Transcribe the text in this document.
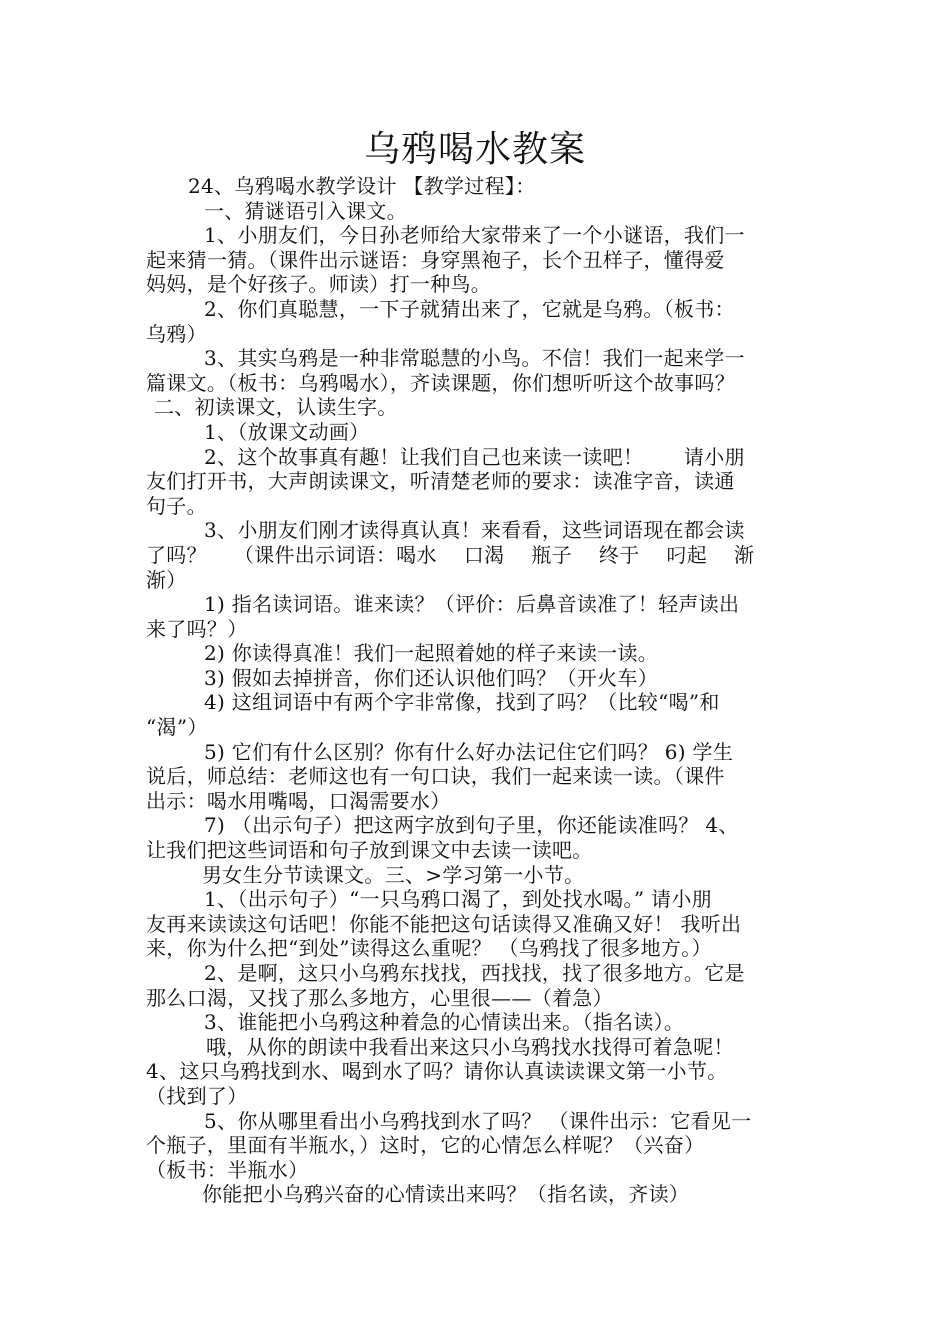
乌鸦喝水教案
24、乌鸦喝水教学设计 【教学过程】：
一、猜谜语引入课文。
1、小朋友们，今日孙老师给大家带来了一个小谜语，我们一
起来猜一猜。（课件出示谜语：身穿黑袍子，长个丑样子，懂得爱
妈妈，是个好孩子。师读）打一种鸟。
2、你们真聪慧，一下子就猜出来了，它就是乌鸦。（板书：
乌鸦）
3、其实乌鸦是一种非常聪慧的小鸟。不信！我们一起来学一
篇课文。（板书：乌鸦喝水），齐读课题，你们想听听这个故事吗？
二、初读课文，认读生字。
1、（放课文动画）
2、这个故事真有趣！让我们自己也来读一读吧！　　请小朋
友们打开书，大声朗读课文，听清楚老师的要求：读准字音，读通
句子。
3、小朋友们刚才读得真认真！来看看，这些词语现在都会读
了吗？　 （课件出示词语：喝水　 口渴　 瓶子　 终于　 叼起　 渐
渐）
1) 指名读词语。谁来读？（评价：后鼻音读准了！轻声读出
来了吗？）
2) 你读得真准！我们一起照着她的样子来读一读。
3) 假如去掉拼音，你们还认识他们吗？（开火车）
4) 这组词语中有两个字非常像，找到了吗？（比较“喝”和
“渴”）
5) 它们有什么区别？你有什么好办法记住它们吗？ 6) 学生
说后，师总结：老师这也有一句口诀，我们一起来读一读。（课件
出示：喝水用嘴喝，口渴需要水）
7) （出示句子）把这两字放到句子里，你还能读准吗？ 4、
让我们把这些词语和句子放到课文中去读一读吧。
男女生分节读课文。三、>学习第一小节。
1、（出示句子）“一只乌鸦口渴了，到处找水喝。” 请小朋
友再来读读这句话吧！你能不能把这句话读得又准确又好！ 我听出
来，你为什么把“到处”读得这么重呢？ （乌鸦找了很多地方。）
2、是啊，这只小乌鸦东找找，西找找，找了很多地方。它是
那么口渴，又找了那么多地方，心里很——（着急）
3、谁能把小乌鸦这种着急的心情读出来。（指名读）。
哦，从你的朗读中我看出来这只小乌鸦找水找得可着急呢！
4、这只乌鸦找到水、喝到水了吗？请你认真读读课文第一小节。
（找到了）
5、你从哪里看出小乌鸦找到水了吗？ （课件出示：它看见一
个瓶子，里面有半瓶水，）这时，它的心情怎么样呢？（兴奋）
（板书：半瓶水）
你能把小乌鸦兴奋的心情读出来吗？（指名读，齐读）
